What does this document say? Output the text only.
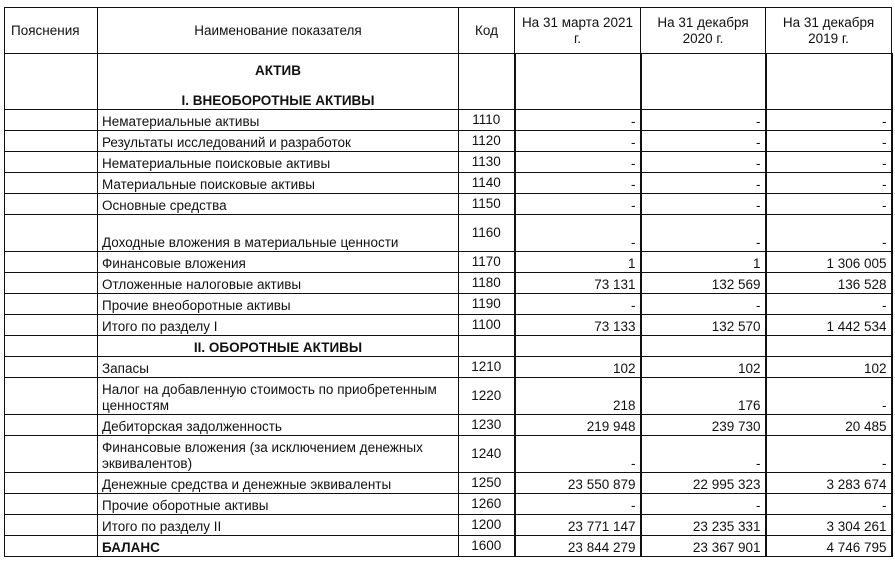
Пояснения	Наименование показателя	Код	На 31 марта 2021 г.	На 31 декабря 2020 г.	На 31 декабря 2019 г.

	АКТИВ
I. ВНЕОБОРОТНЫЕ АКТИВЫ				

	Нематериальные активы	1110	-	-	-
	Результаты исследований и разработок	1120	-	-	-
	Нематериальные поисковые активы	1130	-	-	-
	Материальные поисковые активы	1140	-	-	-
	Основные средства	1150	-	-	-
	Доходные вложения в материальные ценности	1160	-	-	-
	Финансовые вложения	1170	1	1	1 306 005
	Отложенные налоговые активы	1180	73 131	132 569	136 528
	Прочие внеоборотные активы	1190	-	-	-
	Итого по разделу I	1100	73 133	132 570	1 442 534

	II. ОБОРОТНЫЕ АКТИВЫ				

	Запасы	1210	102	102	102
	Налог на добавленную стоимость по приобретенным ценностям	1220	218	176	-
	Дебиторская задолженность	1230	219 948	239 730	20 485
	Финансовые вложения (за исключением денежных эквивалентов)	1240	-	-	-
	Денежные средства и денежные эквиваленты	1250	23 550 879	22 995 323	3 283 674
	Прочие оборотные активы	1260	-	-	-
	Итого по разделу II	1200	23 771 147	23 235 331	3 304 261
	БАЛАНС	1600	23 844 279	23 367 901	4 746 795
